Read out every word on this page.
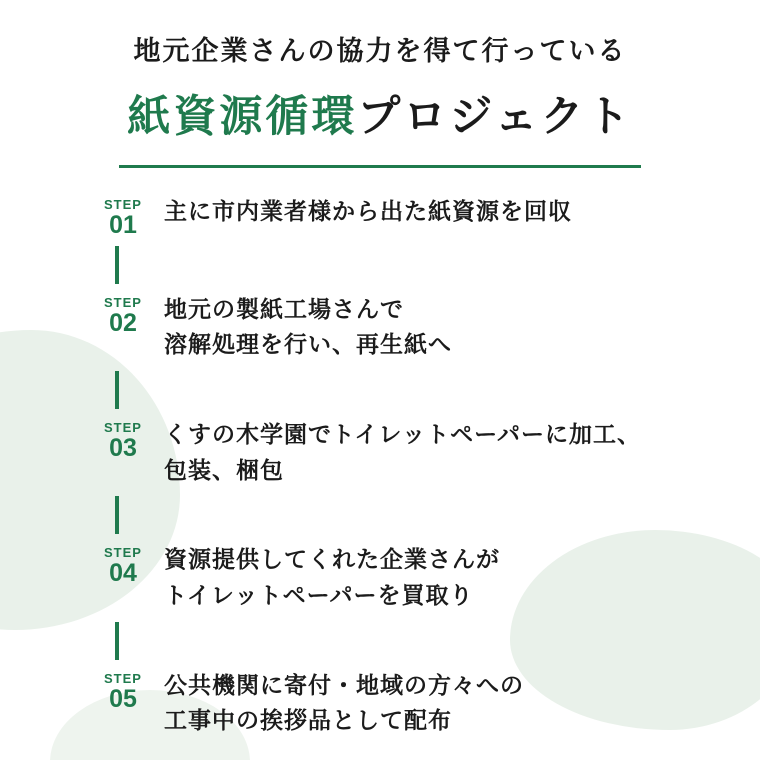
地元企業さんの協力を得て行っている
紙資源循環プロジェクト
STEP
01	主に市内業者様から出た紙資源を回収
STEP
02	地元の製紙工場さんで
溶解処理を行い、再生紙へ
STEP
03	くすの木学園でトイレットペーパーに加工、
包装、梱包
STEP
04	資源提供してくれた企業さんが
トイレットペーパーを買取り
STEP
05	公共機関に寄付・地域の方々への
工事中の挨拶品として配布
